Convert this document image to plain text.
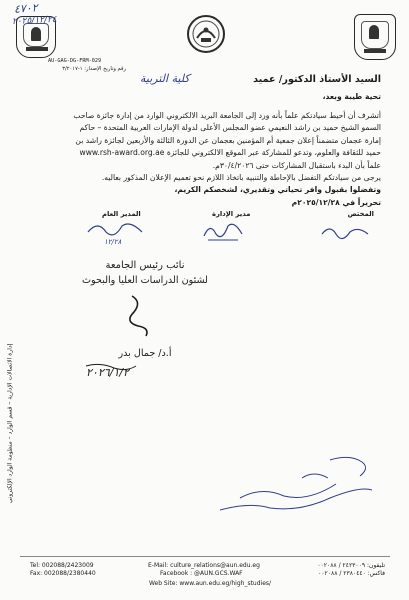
٤٧٠٢
٢٠٢٥/١٢/٢٤
AU-GAG-DG-FRM-029
رقم وتاريخ الإصدار: ١-٣/٢٠١٧
السيد الأستاذ الدكتور/ عميد
كلية التربية
تحية طيبة وبعد،
أتشرف أن أحيط سيادتكم علماً بأنه ورد إلى الجامعة البريد الالكتروني الوارد من إدارة جائزة صاحب
السمو الشيخ حميد بن راشد النعيمي عضو المجلس الأعلى لدولة الإمارات العربية المتحدة – حاكم
إمارة عجمان متضمناً إعلان جمعية أم المؤمنين بعجمان عن الدورة الثالثة والأربعين لجائزة راشد بن
حميد للثقافة والعلوم، وتدعو للمشاركة عبر الموقع الالكتروني للجائزة www.rsh-award.org.ae
علماً بأن البدء باستقبال المشاركات حتى ٣٠/٤/٢٠٢٦م.
يرجى من سيادتكم التفضل بالإحاطة والتنبيه باتخاذ اللازم نحو تعميم الإعلان المذكور بعاليه.
وتفضلوا بقبول وافر تحياتي وتقديري، لشخصكم الكريم،
تحريراً في ٢٠٢٥/١٢/٢٨م
المختص
مدير الإدارة
المدير العام
١٢/٢٨
نائب رئيس الجامعة
لشئون الدراسات العليا والبحوث
أ.د/ جمال بدر
٢٠٢٦/١/٢
إدارة الاتصالات الإدارية – قسم الوارد – منظومة الوارد الإلكتروني
تليفون: ٢٤٢٣٠٠٩ / ٠٠٢٠٨٨
فاكس: ٢٣٨٠٤٤٠ / ٠٠٢٠٨٨
E-Mail: culture_relations@aun.edu.eg
Facebook : @AUN.GCS.WAF
Tel: 002088/2423009
Fax: 002088/2380440
Web Site: www.aun.edu.eg/high_studies/
